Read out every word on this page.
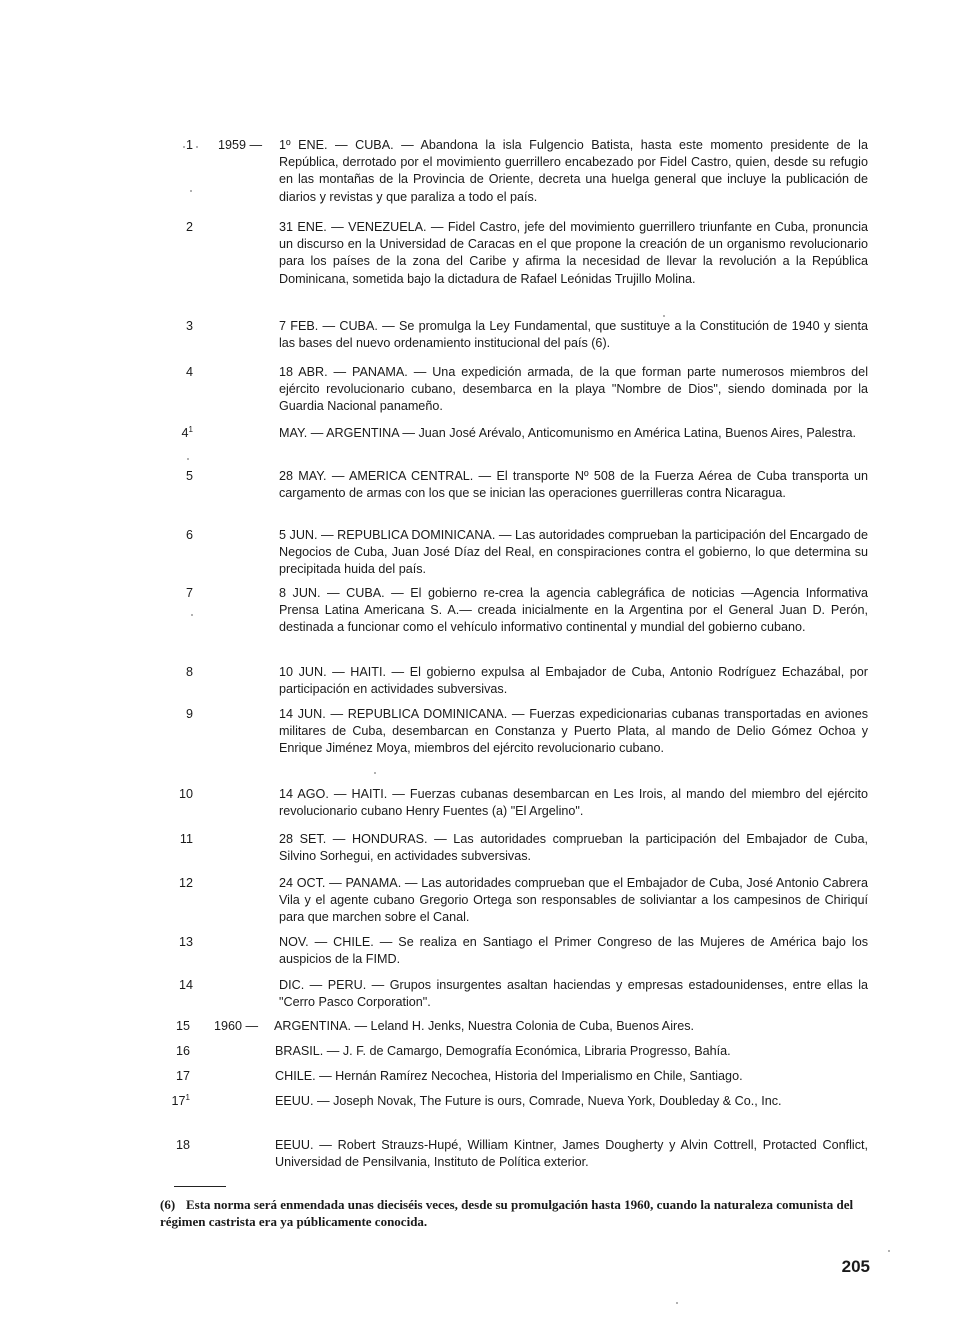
1 1959 — 1º ENE. — CUBA. — Abandona la isla Fulgencio Batista, hasta este momento presidente de la República, derrotado por el movimiento guerrillero encabezado por Fidel Castro, quien, desde su refugio en las montañas de la Provincia de Oriente, decreta una huelga general que incluye la publicación de diarios y revistas y que paraliza a todo el país.
2	31 ENE. — VENEZUELA. — Fidel Castro, jefe del movimiento guerrillero triunfante en Cuba, pronuncia un discurso en la Universidad de Caracas en el que propone la creación de un organismo revolucionario para los países de la zona del Caribe y afirma la necesidad de llevar la revolución a la República Dominicana, sometida bajo la dictadura de Rafael Leónidas Trujillo Molina.
3	7 FEB. — CUBA. — Se promulga la Ley Fundamental, que sustituye a la Constitución de 1940 y sienta las bases del nuevo ordenamiento institucional del país (6).
4	18 ABR. — PANAMA. — Una expedición armada, de la que forman parte numerosos miembros del ejército revolucionario cubano, desembarca en la playa "Nombre de Dios", siendo dominada por la Guardia Nacional panameño.
$4^1$	MAY. — ARGENTINA — Juan José Arévalo, Anticomunismo en América Latina, Buenos Aires, Palestra.
5	28 MAY. — AMERICA CENTRAL. — El transporte Nº 508 de la Fuerza Aérea de Cuba transporta un cargamento de armas con los que se inician las operaciones guerrilleras contra Nicaragua.
6	5 JUN. — REPUBLICA DOMINICANA. — Las autoridades comprueban la participación del Encargado de Negocios de Cuba, Juan José Díaz del Real, en conspiraciones contra el gobierno, lo que determina su precipitada huida del país.
7	8 JUN. — CUBA. — El gobierno re-crea la agencia cablegráfica de noticias —Agencia Informativa Prensa Latina Americana S. A.— creada inicialmente en la Argentina por el General Juan D. Perón, destinada a funcionar como el vehículo informativo continental y mundial del gobierno cubano.
8	10 JUN. — HAITI. — El gobierno expulsa al Embajador de Cuba, Antonio Rodríguez Echazábal, por participación en actividades subversivas.
9	14 JUN. — REPUBLICA DOMINICANA. — Fuerzas expedicionarias cubanas transportadas en aviones militares de Cuba, desembarcan en Constanza y Puerto Plata, al mando de Delio Gómez Ochoa y Enrique Jiménez Moya, miembros del ejército revolucionario cubano.
10	14 AGO. — HAITI. — Fuerzas cubanas desembarcan en Les Irois, al mando del miembro del ejército revolucionario cubano Henry Fuentes (a) "El Argelino".
11	28 SET. — HONDURAS. — Las autoridades comprueban la participación del Embajador de Cuba, Silvino Sorhegui, en actividades subversivas.
12	24 OCT. — PANAMA. — Las autoridades comprueban que el Embajador de Cuba, José Antonio Cabrera Vila y el agente cubano Gregorio Ortega son responsables de soliviantar a los campesinos de Chiriquí para que marchen sobre el Canal.
13	NOV. — CHILE. — Se realiza en Santiago el Primer Congreso de las Mujeres de América bajo los auspicios de la FIMD.
14	DIC. — PERU. — Grupos insurgentes asaltan haciendas y empresas estadounidenses, entre ellas la "Cerro Pasco Corporation".
15 1960 — ARGENTINA. — Leland H. Jenks, Nuestra Colonia de Cuba, Buenos Aires.
16	BRASIL. — J. F. de Camargo, Demografía Económica, Libraria Progresso, Bahía.
17	CHILE. — Hernán Ramírez Necochea, Historia del Imperialismo en Chile, Santiago.
$17^1$	EEUU. — Joseph Novak, The Future is ours, Comrade, Nueva York, Doubleday & Co., Inc.
18	EEUU. — Robert Strauzs-Hupé, William Kintner, James Dougherty y Alvin Cottrell, Protacted Conflict, Universidad de Pensilvania, Instituto de Política exterior.
(6) Esta norma será enmendada unas dieciséis veces, desde su promulgación hasta 1960, cuando la naturaleza comunista del régimen castrista era ya públicamente conocida.
205
